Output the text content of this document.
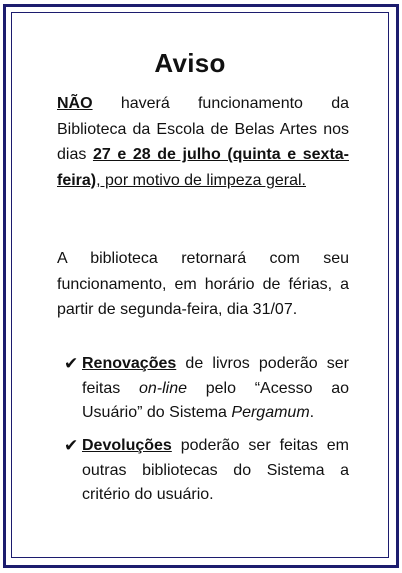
Aviso
NÃO haverá funcionamento da Biblioteca da Escola de Belas Artes nos dias 27 e 28 de julho (quinta e sexta-feira), por motivo de limpeza geral.
A biblioteca retornará com seu funcionamento, em horário de férias, a partir de segunda-feira, dia 31/07.
✔ Renovações de livros poderão ser feitas on-line pelo “Acesso ao Usuário” do Sistema Pergamum.
✔ Devoluções poderão ser feitas em outras bibliotecas do Sistema a critério do usuário.
